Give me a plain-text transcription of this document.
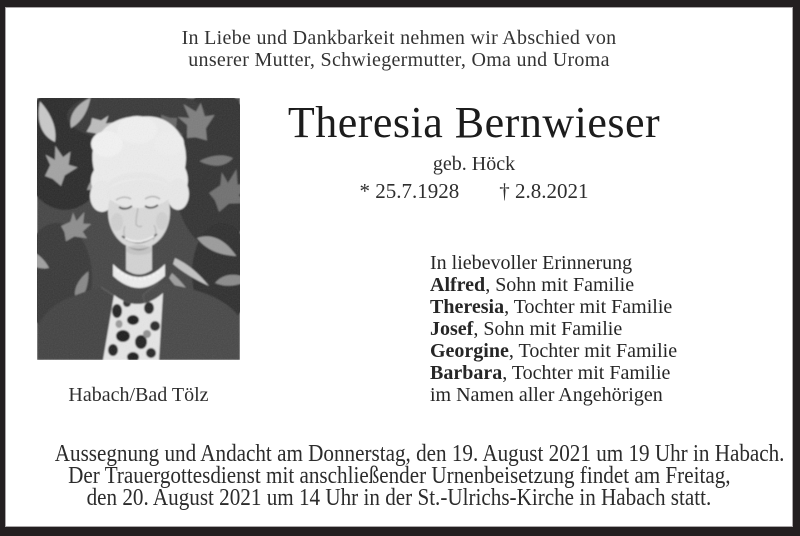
In Liebe und Dankbarkeit nehmen wir Abschied von
unserer Mutter, Schwiegermutter, Oma und Uroma
Habach/Bad Tölz
Theresia Bernwieser
geb. Höck
* 25.7.1928 † 2.8.2021
In liebevoller Erinnerung
Alfred, Sohn mit Familie
Theresia, Tochter mit Familie
Josef, Sohn mit Familie
Georgine, Tochter mit Familie
Barbara, Tochter mit Familie
im Namen aller Angehörigen
Aussegnung und Andacht am Donnerstag, den 19. August 2021 um 19 Uhr in Habach.
Der Trauergottesdienst mit anschließender Urnenbeisetzung findet am Freitag,
den 20. August 2021 um 14 Uhr in der St.-Ulrichs-Kirche in Habach statt.
